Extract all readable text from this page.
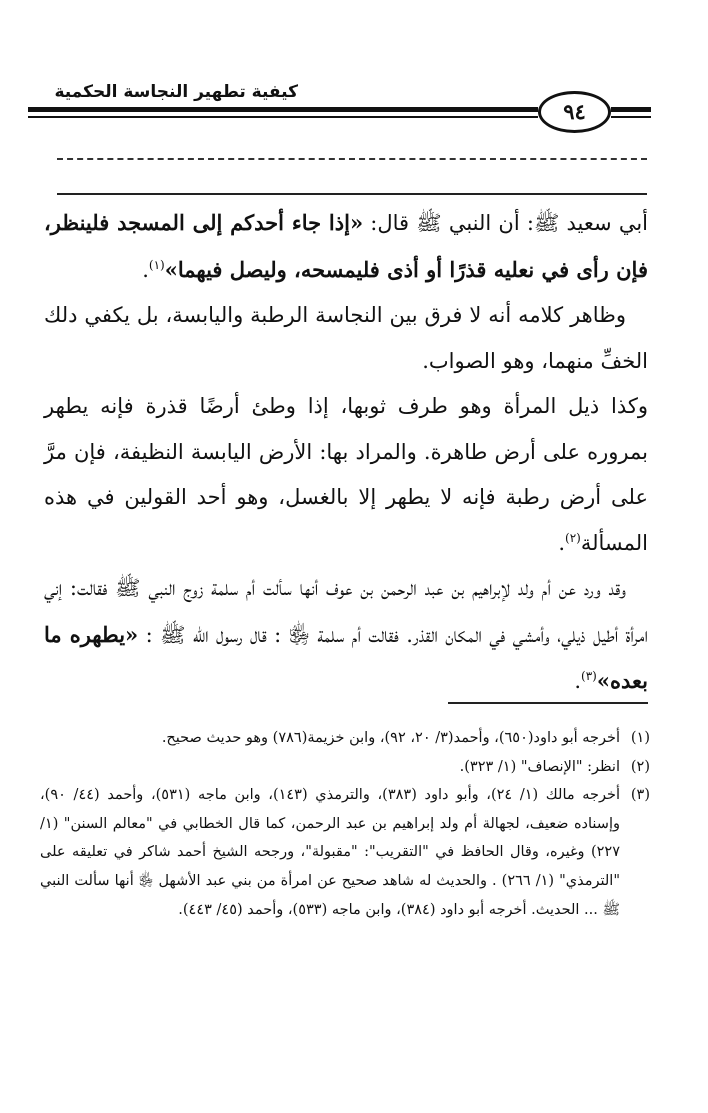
كيفية تطهير النجاسة الحكمية
٩٤

أبي سعيد ﷺ: أن النبي ﷺ قال: «إذا جاء أحدكم إلى المسجد فلينظر، فإن رأى في نعليه قذرًا أو أذى فليمسحه، وليصل فيهما»$^{(١)}$.

وظاهر كلامه أنه لا فرق بين النجاسة الرطبة واليابسة، بل يكفي دلك الخفِّ منهما، وهو الصواب.

وكذا ذيل المرأة وهو طرف ثوبها، إذا وطئ أرضًا قذرة فإنه يطهر بمروره على أرض طاهرة. والمراد بها: الأرض اليابسة النظيفة، فإن مرَّ على أرض رطبة فإنه لا يطهر إلا بالغسل، وهو أحد القولين في هذه المسألة$^{(٢)}$.

وقد ورد عن أم ولد لإبراهيم بن عبد الرحمن بن عوف أنها سألت أم سلمة زوج النبي ﷺ فقالت: إني امرأة أطيل ذيلي، وأمشي في المكان القذر. فقالت أم سلمة ﵂ : قال رسول الله ﷺ : «يطهره ما بعده»$^{(٣)}$.

(١)
أخرجه أبو داود(٦٥٠)، وأحمد(٣/ ٢٠، ٩٢)، وابن خزيمة(٧٨٦) وهو حديث صحيح.
(٢)
انظر: "الإنصاف" (١/ ٣٢٣).
(٣)
أخرجه مالك (١/ ٢٤)، وأبو داود (٣٨٣)، والترمذي (١٤٣)، وابن ماجه (٥٣١)، وأحمد (٤٤/ ٩٠)، وإسناده ضعيف، لجهالة أم ولد إبراهيم بن عبد الرحمن، كما قال الخطابي في "معالم السنن" (١/ ٢٢٧) وغيره، وقال الحافظ في "التقريب": "مقبولة"، ورجحه الشيخ أحمد شاكر في تعليقه على "الترمذي" (١/ ٢٦٦) . والحديث له شاهد صحيح عن امرأة من بني عبد الأشهل ﵂ أنها سألت النبي ﷺ ... الحديث. أخرجه أبو داود (٣٨٤)، وابن ماجه (٥٣٣)، وأحمد (٤٥/ ٤٤٣).
